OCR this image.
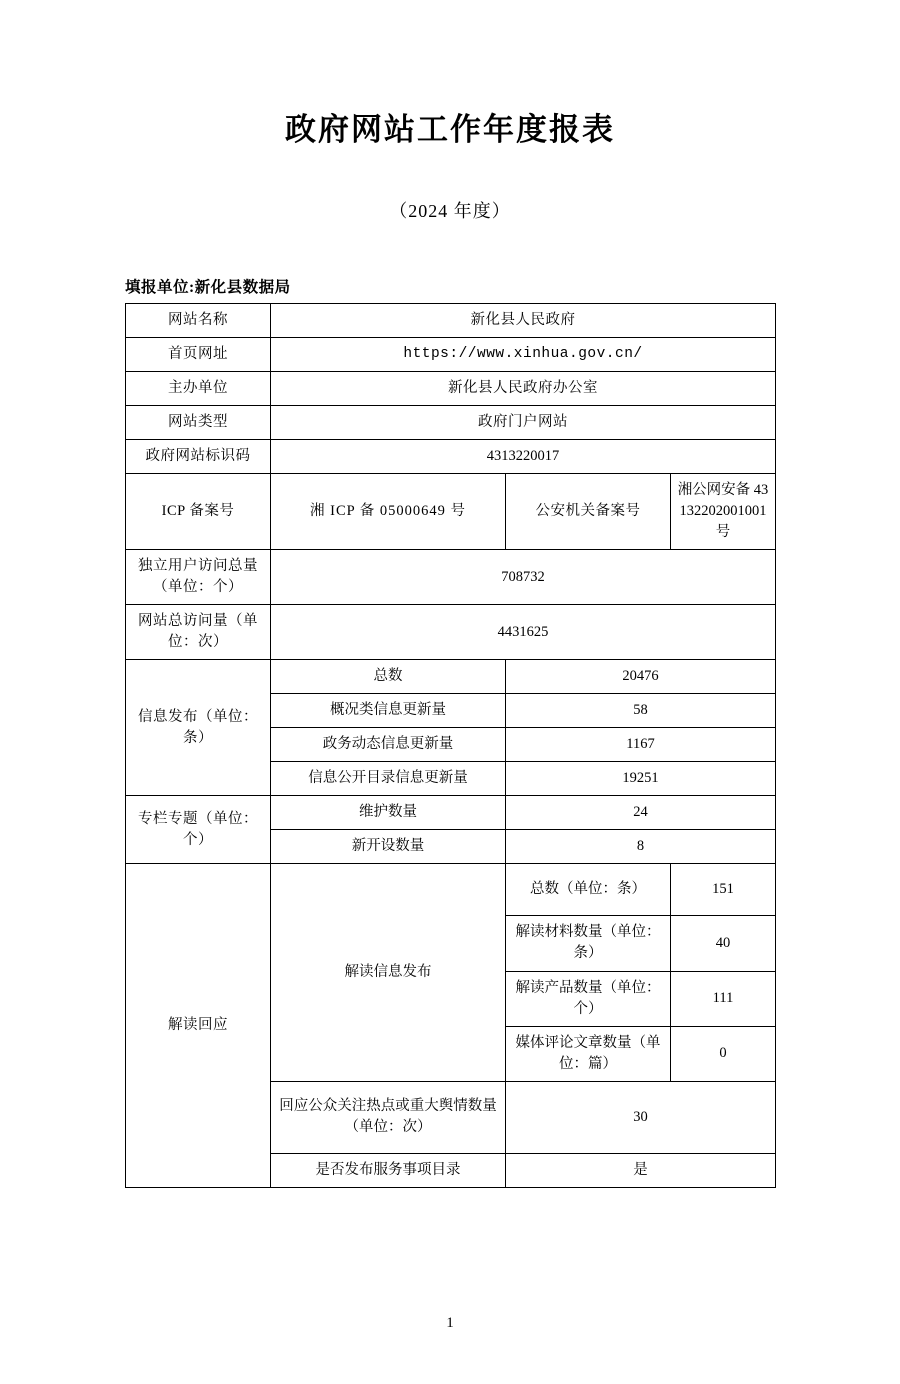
政府网站工作年度报表
（2024 年度）
填报单位:新化县数据局
网站名称	新化县人民政府		
首页网址	https://www.xinhua.gov.cn/		
主办单位	新化县人民政府办公室		
网站类型	政府门户网站		
政府网站标识码	4313220017		
ICP 备案号	湘 ICP 备 05000649 号	公安机关备案号	湘公网安备 43132202001001 号
独立用户访问总量（单位：个）	708732		
网站总访问量（单位：次）	4431625		
信息发布（单位：条）	总数	20476	
	概况类信息更新量	58	
	政务动态信息更新量	1167	
	信息公开目录信息更新量	19251	
专栏专题（单位：个）	维护数量	24	
	新开设数量	8	
解读回应	解读信息发布	总数（单位：条）	151
		解读材料数量（单位：条）	40
		解读产品数量（单位：个）	111
		媒体评论文章数量（单位：篇）	0
	回应公众关注热点或重大舆情数量（单位：次）	30	
	是否发布服务事项目录	是	
1
